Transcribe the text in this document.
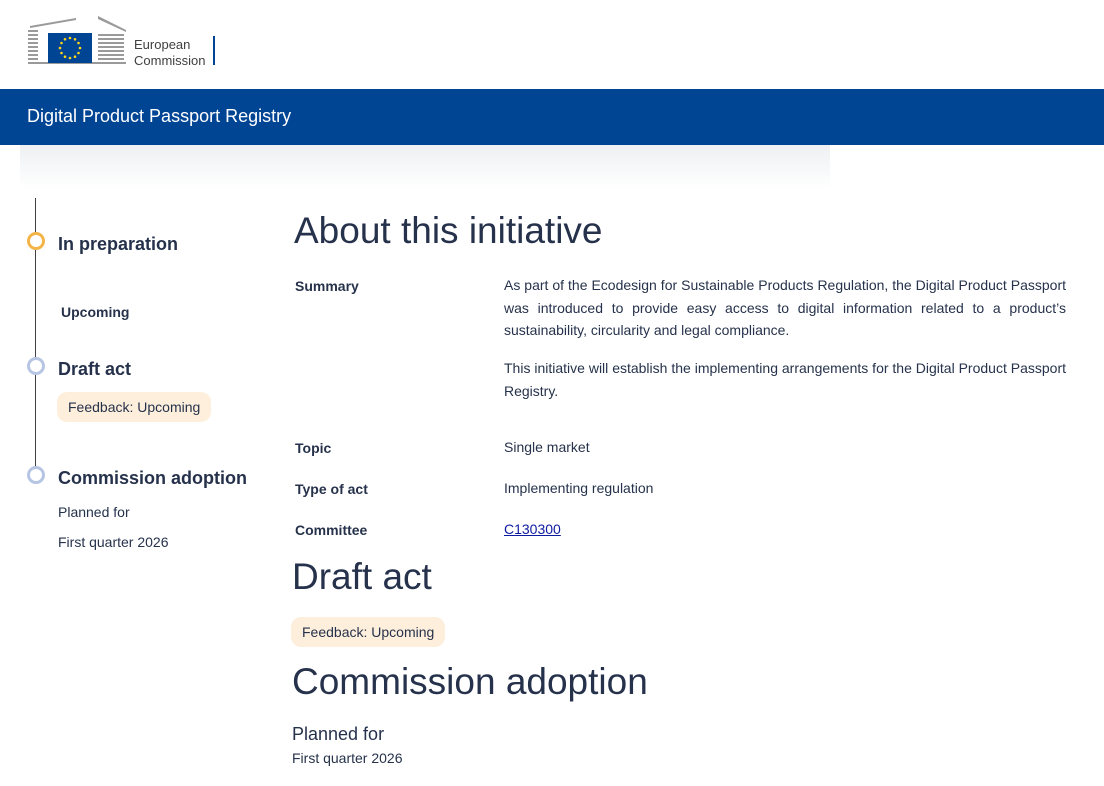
European
Commission
Digital Product Passport Registry
In preparation
Upcoming
Draft act
Feedback: Upcoming
Commission adoption
Planned for
First quarter 2026
About this initiative
Summary	As part of the Ecodesign for Sustainable Products Regulation, the Digital Product Passport was introduced to provide easy access to digital information related to a product’s sustainability, circularity and legal compliance.
This initiative will establish the implementing arrangements for the Digital Product Passport Registry.
Topic	Single market
Type of act	Implementing regulation
Committee	C130300
Draft act
Feedback: Upcoming
Commission adoption
Planned for
First quarter 2026
